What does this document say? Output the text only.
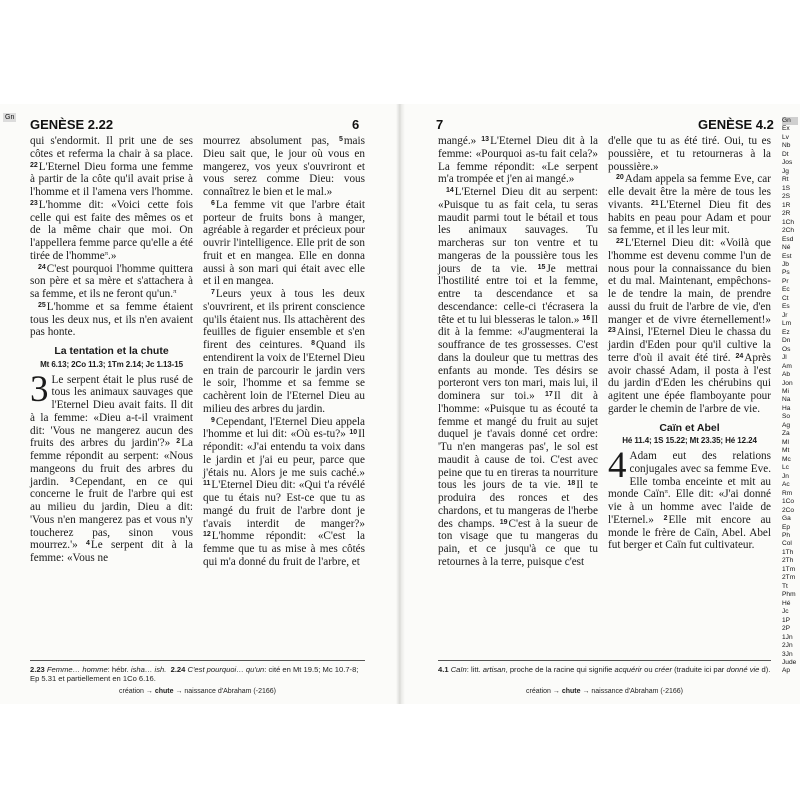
Gn GENÈSE 2.22	6

qui s'endormit. Il prit une de ses côtes et referma la chair à sa place. $^{22}$L'Eternel Dieu forma une femme à partir de la côte qu'il avait prise à l'homme et il l'amena vers l'homme. $^{23}$L'homme dit: «Voici cette fois celle qui est faite des mêmes os et de la même chair que moi. On l'appellera femme parce qu'elle a été tirée de l'homme$^\pi$.»

$^{24}$C'est pourquoi l'homme quittera son père et sa mère et s'attachera à sa femme, et ils ne feront qu'un.$^\pi$

$^{25}$L'homme et sa femme étaient tous les deux nus, et ils n'en avaient pas honte.

La tentation et la chute
Mt 6.13; 2Co 11.3; 1Tm 2.14; Jc 1.13-15

3 Le serpent était le plus rusé de tous les animaux sauvages que l'Eternel Dieu avait faits. Il dit à la femme: «Dieu a-t-il vraiment dit: 'Vous ne mangerez aucun des fruits des arbres du jardin'?» $^2$La femme répondit au serpent: «Nous mangeons du fruit des arbres du jardin. $^3$Cependant, en ce qui concerne le fruit de l'arbre qui est au milieu du jardin, Dieu a dit: 'Vous n'en mangerez pas et vous n'y toucherez pas, sinon vous mourrez.'» $^4$Le serpent dit à la femme: «Vous ne

mourrez absolument pas, $^5$mais Dieu sait que, le jour où vous en mangerez, vos yeux s'ouvriront et vous serez comme Dieu: vous connaîtrez le bien et le mal.»

$^6$La femme vit que l'arbre était porteur de fruits bons à manger, agréable à regarder et précieux pour ouvrir l'intelligence. Elle prit de son fruit et en mangea. Elle en donna aussi à son mari qui était avec elle et il en mangea.

$^7$Leurs yeux à tous les deux s'ouvrirent, et ils prirent conscience qu'ils étaient nus. Ils attachèrent des feuilles de figuier ensemble et s'en firent des ceintures. $^8$Quand ils entendirent la voix de l'Eternel Dieu en train de parcourir le jardin vers le soir, l'homme et sa femme se cachèrent loin de l'Eternel Dieu au milieu des arbres du jardin.

$^9$Cependant, l'Eternel Dieu appela l'homme et lui dit: «Où es-tu?» $^{10}$Il répondit: «J'ai entendu ta voix dans le jardin et j'ai eu peur, parce que j'étais nu. Alors je me suis caché.» $^{11}$L'Eternel Dieu dit: «Qui t'a révélé que tu étais nu? Est-ce que tu as mangé du fruit de l'arbre dont je t'avais interdit de manger?» $^{12}$L'homme répondit: «C'est la femme que tu as mise à mes côtés qui m'a donné du fruit de l'arbre, et

2.23 Femme… homme: hébr. isha… ish. 2.24 C'est pourquoi… qu'un: cité en Mt 19.5; Mc 10.7-8; Ep 5.31 et partiellement en 1Co 6.16.
création → chute → naissance d'Abraham (-2166)
7	GENÈSE 4.2

mangé.» $^{13}$L'Eternel Dieu dit à la femme: «Pourquoi as-tu fait cela?» La femme répondit: «Le serpent m'a trompée et j'en ai mangé.»

$^{14}$L'Eternel Dieu dit au serpent: «Puisque tu as fait cela, tu seras maudit parmi tout le bétail et tous les animaux sauvages. Tu marcheras sur ton ventre et tu mangeras de la poussière tous les jours de ta vie. $^{15}$Je mettrai l'hostilité entre toi et la femme, entre ta descendance et sa descendance: celle-ci t'écrasera la tête et tu lui blesseras le talon.» $^{16}$Il dit à la femme: «J'augmenterai la souffrance de tes grossesses. C'est dans la douleur que tu mettras des enfants au monde. Tes désirs se porteront vers ton mari, mais lui, il dominera sur toi.» $^{17}$Il dit à l'homme: «Puisque tu as écouté ta femme et mangé du fruit au sujet duquel je t'avais donné cet ordre: 'Tu n'en mangeras pas', le sol est maudit à cause de toi. C'est avec peine que tu en tireras ta nourriture tous les jours de ta vie. $^{18}$Il te produira des ronces et des chardons, et tu mangeras de l'herbe des champs. $^{19}$C'est à la sueur de ton visage que tu mangeras du pain, et ce jusqu'à ce que tu retournes à la terre, puisque c'est

d'elle que tu as été tiré. Oui, tu es poussière, et tu retourneras à la poussière.»

$^{20}$Adam appela sa femme Eve, car elle devait être la mère de tous les vivants. $^{21}$L'Eternel Dieu fit des habits en peau pour Adam et pour sa femme, et il les leur mit.

$^{22}$L'Eternel Dieu dit: «Voilà que l'homme est devenu comme l'un de nous pour la connaissance du bien et du mal. Maintenant, empêchons-le de tendre la main, de prendre aussi du fruit de l'arbre de vie, d'en manger et de vivre éternellement!» $^{23}$Ainsi, l'Eternel Dieu le chassa du jardin d'Eden pour qu'il cultive la terre d'où il avait été tiré. $^{24}$Après avoir chassé Adam, il posta à l'est du jardin d'Eden les chérubins qui agitent une épée flamboyante pour garder le chemin de l'arbre de vie.

Caïn et Abel
Hé 11.4; 1S 15.22; Mt 23.35; Hé 12.24

4 Adam eut des relations conjugales avec sa femme Eve. Elle tomba enceinte et mit au monde Caïn$^\pi$. Elle dit: «J'ai donné vie à un homme avec l'aide de l'Eternel.» $^2$Elle mit encore au monde le frère de Caïn, Abel. Abel fut berger et Caïn fut cultivateur.

4.1 Caïn: litt. artisan, proche de la racine qui signifie acquérir ou créer (traduite ici par donné vie d).
création → chute → naissance d'Abraham (-2166)
Gn
Ex
Lv
Nb
Dt
Jos
Jg
Rt
1S
2S
1R
2R
1Ch
2Ch
Esd
Né
Est
Jb
Ps
Pr
Ec
Ct
Es
Jr
Lm
Ez
Dn
Os
Jl
Am
Ab
Jon
Mi
Na
Ha
So
Ag
Za
Ml
Mt
Mc
Lc
Jn
Ac
Rm
1Co
2Co
Ga
Ep
Ph
Col
1Th
2Th
1Tm
2Tm
Tt
Phm
Hé
Jc
1P
2P
1Jn
2Jn
3Jn
Jude
Ap
